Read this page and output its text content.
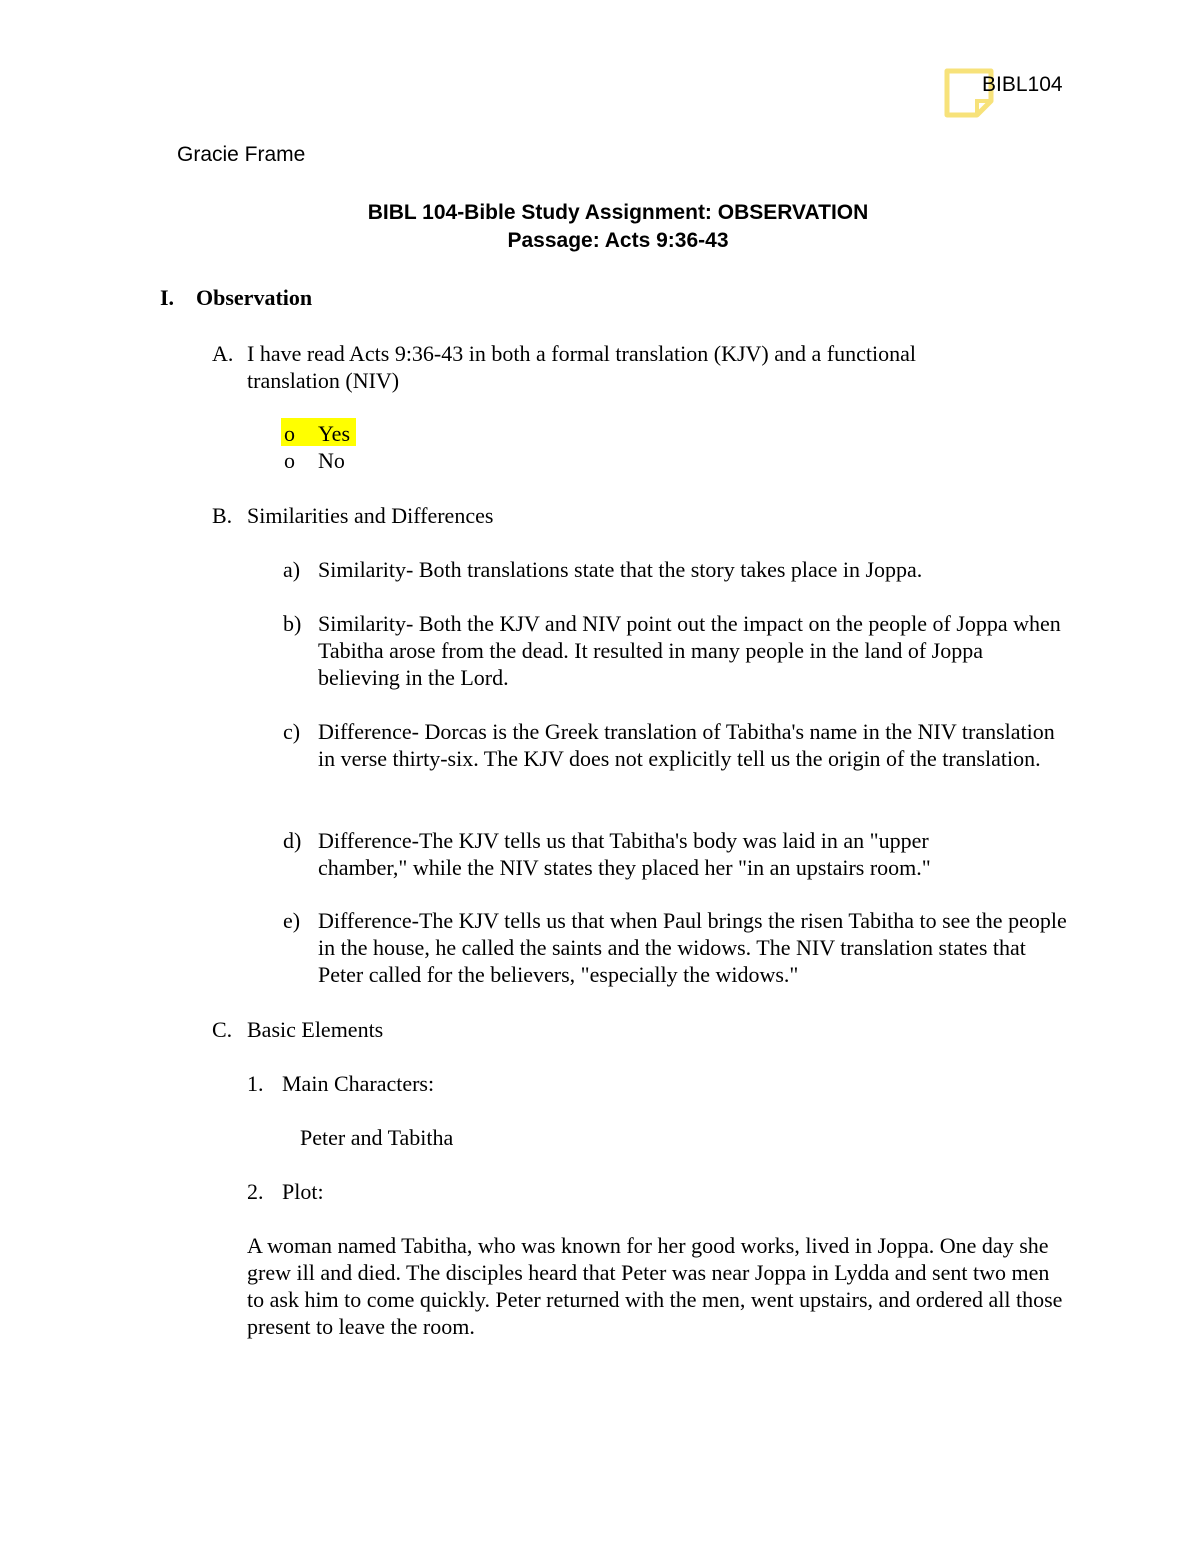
BIBL104
Gracie Frame
BIBL 104-Bible Study Assignment: OBSERVATION
Passage: Acts 9:36-43
I. Observation
A. I have read Acts 9:36-43 in both a formal translation (KJV) and a functional translation (NIV)
o Yes
o No
B. Similarities and Differences
a) Similarity- Both translations state that the story takes place in Joppa.
b) Similarity- Both the KJV and NIV point out the impact on the people of Joppa when Tabitha arose from the dead. It resulted in many people in the land of Joppa believing in the Lord.
c) Difference- Dorcas is the Greek translation of Tabitha's name in the NIV translation in verse thirty-six. The KJV does not explicitly tell us the origin of the translation.
d) Difference-The KJV tells us that Tabitha's body was laid in an "upper chamber," while the NIV states they placed her "in an upstairs room."
e) Difference-The KJV tells us that when Paul brings the risen Tabitha to see the people in the house, he called the saints and the widows. The NIV translation states that Peter called for the believers, "especially the widows."
C. Basic Elements
1. Main Characters:
Peter and Tabitha
2. Plot:
A woman named Tabitha, who was known for her good works, lived in Joppa. One day she grew ill and died. The disciples heard that Peter was near Joppa in Lydda and sent two men to ask him to come quickly. Peter returned with the men, went upstairs, and ordered all those present to leave the room.
